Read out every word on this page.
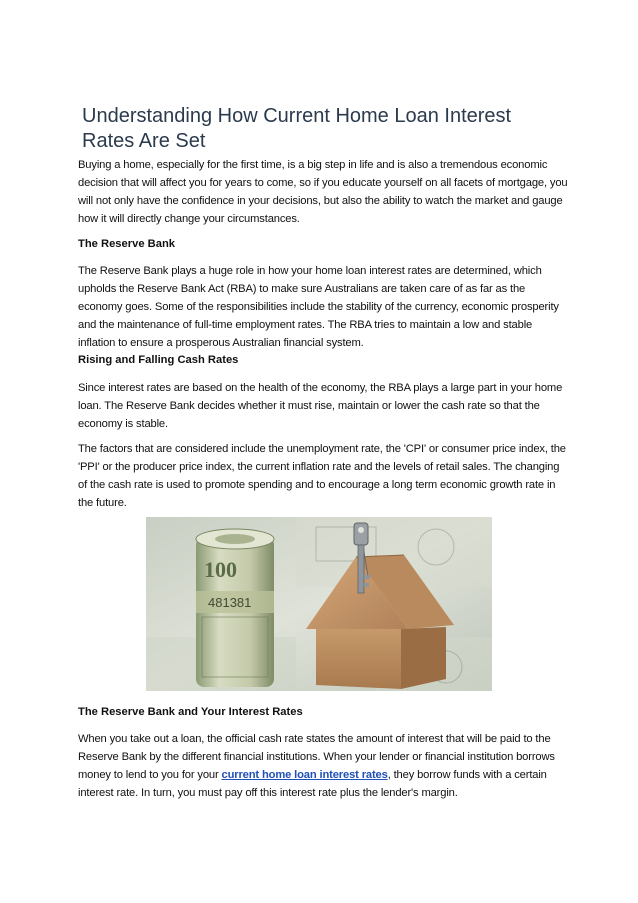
Understanding How Current Home Loan Interest Rates Are Set

Buying a home, especially for the first time, is a big step in life and is also a tremendous economic decision that will affect you for years to come, so if you educate yourself on all facets of mortgage, you will not only have the confidence in your decisions, but also the ability to watch the market and gauge how it will directly change your circumstances.

The Reserve Bank

The Reserve Bank plays a huge role in how your home loan interest rates are determined, which upholds the Reserve Bank Act (RBA) to make sure Australians are taken care of as far as the economy goes. Some of the responsibilities include the stability of the currency, economic prosperity and the maintenance of full-time employment rates. The RBA tries to maintain a low and stable inflation to ensure a prosperous Australian financial system.

Rising and Falling Cash Rates

Since interest rates are based on the health of the economy, the RBA plays a large part in your home loan. The Reserve Bank decides whether it must rise, maintain or lower the cash rate so that the economy is stable.

The factors that are considered include the unemployment rate, the 'CPI' or consumer price index, the 'PPI' or the producer price index, the current inflation rate and the levels of retail sales. The changing of the cash rate is used to promote spending and to encourage a long term economic growth rate in the future.

481381
100

The Reserve Bank and Your Interest Rates

When you take out a loan, the official cash rate states the amount of interest that will be paid to the Reserve Bank by the different financial institutions. When your lender or financial institution borrows money to lend to you for your current home loan interest rates, they borrow funds with a certain interest rate. In turn, you must pay off this interest rate plus the lender's margin.
